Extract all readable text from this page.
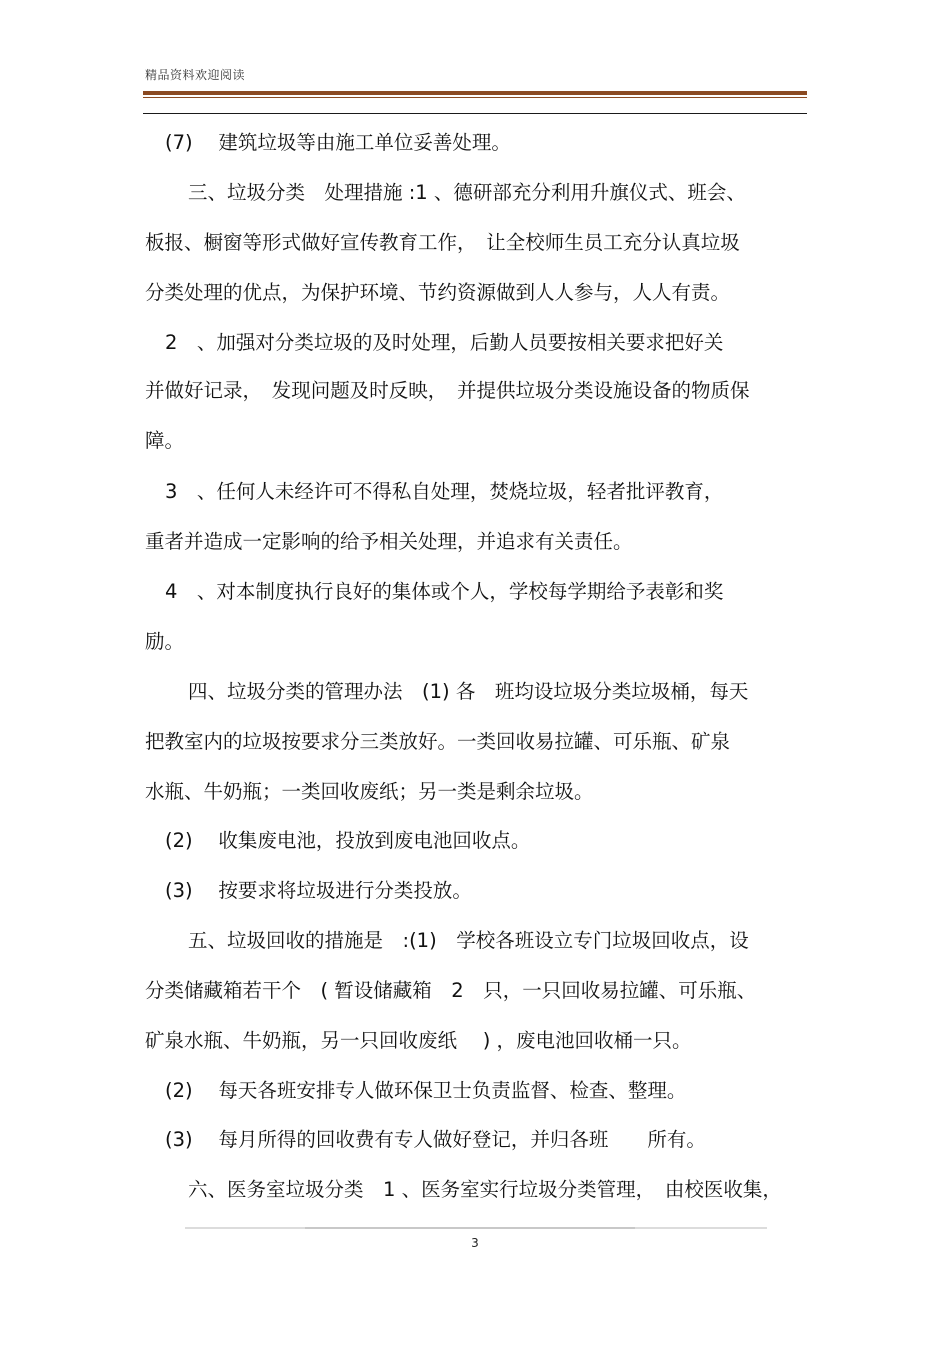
精品资料欢迎阅读
(7)　 建筑垃圾等由施工单位妥善处理。
三、垃圾分类　处理措施 :1 、德研部充分利用升旗仪式、班会、
板报、橱窗等形式做好宣传教育工作，　让全校师生员工充分认真垃圾
分类处理的优点，为保护环境、节约资源做到人人参与，人人有责。
2　、加强对分类垃圾的及时处理，后勤人员要按相关要求把好关
并做好记录，　发现问题及时反映，　并提供垃圾分类设施设备的物质保
障。
3　、任何人未经许可不得私自处理，焚烧垃圾，轻者批评教育，
重者并造成一定影响的给予相关处理，并追求有关责任。
4　、对本制度执行良好的集体或个人，学校每学期给予表彰和奖
励。
四、垃圾分类的管理办法　(1) 各　班均设垃圾分类垃圾桶，每天
把教室内的垃圾按要求分三类放好。一类回收易拉罐、可乐瓶、矿泉
水瓶、牛奶瓶；一类回收废纸；另一类是剩余垃圾。
(2)　 收集废电池，投放到废电池回收点。
(3)　 按要求将垃圾进行分类投放。
五、垃圾回收的措施是　:(1)　学校各班设立专门垃圾回收点，设
分类储藏箱若干个　( 暂设储藏箱　2　只，一只回收易拉罐、可乐瓶、
矿泉水瓶、牛奶瓶，另一只回收废纸　 ) ，废电池回收桶一只。
(2)　 每天各班安排专人做环保卫士负责监督、检查、整理。
(3)　 每月所得的回收费有专人做好登记，并归各班　　所有。
六、医务室垃圾分类　1 、医务室实行垃圾分类管理，　由校医收集，
3
